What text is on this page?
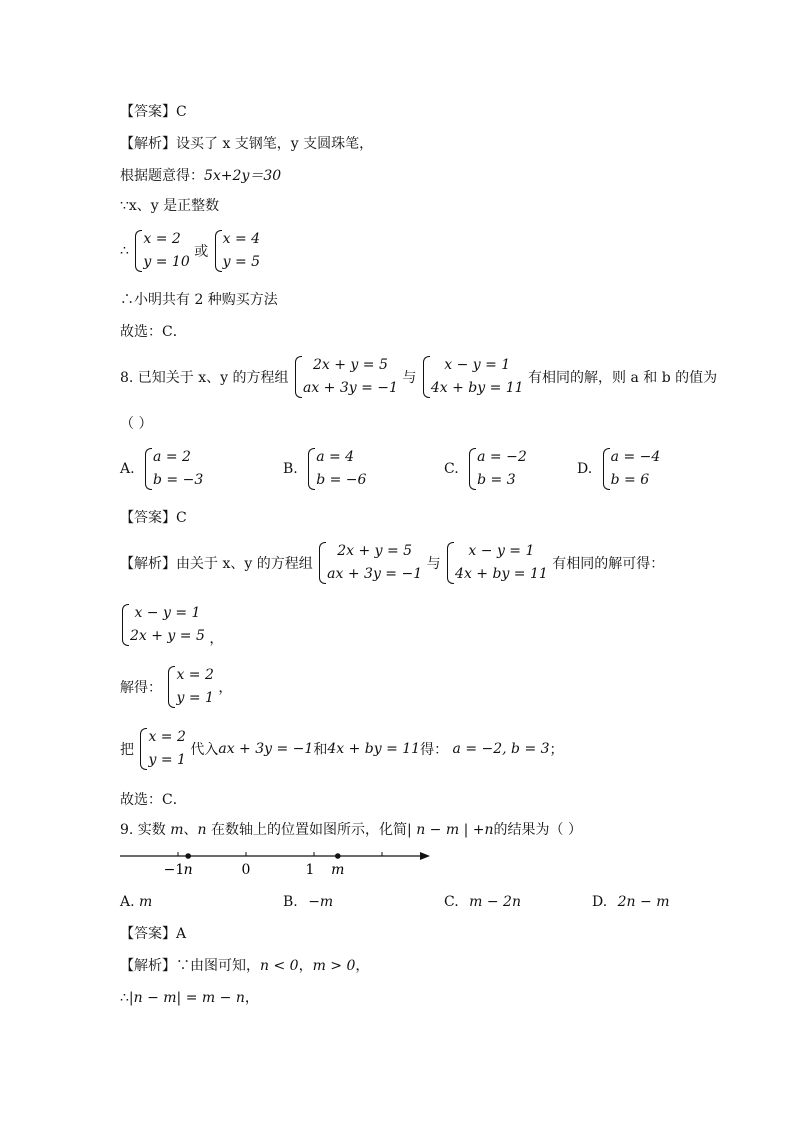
【答案】C
【解析】设买了 x 支钢笔，y 支圆珠笔，
根据题意得：5x+2y＝30
∵x、y 是正整数
∴
x = 2
y = 10
或
x = 4
y = 5
∴小明共有 2 种购买方法
故选：C．
8. 已知关于 x、y 的方程组
2x + y = 5
ax + 3y = −1
与
x − y = 1
4x + by = 11
有相同的解，则 a 和 b 的值为
（ ）
A.
a = 2
b = −3
B.
a = 4
b = −6
C.
a = −2
b = 3
D.
a = −4
b = 6
【答案】C
【解析】由关于 x、y 的方程组
2x + y = 5
ax + 3y = −1
与
x − y = 1
4x + by = 11
有相同的解可得：
x − y = 1
2x + y = 5 ，
解得：
x = 2
y = 1
，
把
x = 2
y = 1
代入ax + 3y = −1和4x + by = 11得： a = −2, b = 3；
故选：C．
9. 实数 m、n 在数轴上的位置如图所示，化简| n − m | +n的结果为（ ）
−1	0	1
n	m
A. m	B. −m	C. m − 2n	D. 2n − m
【答案】A
【解析】∵由图可知，n < 0，m > 0，
∴|n − m| = m − n，
